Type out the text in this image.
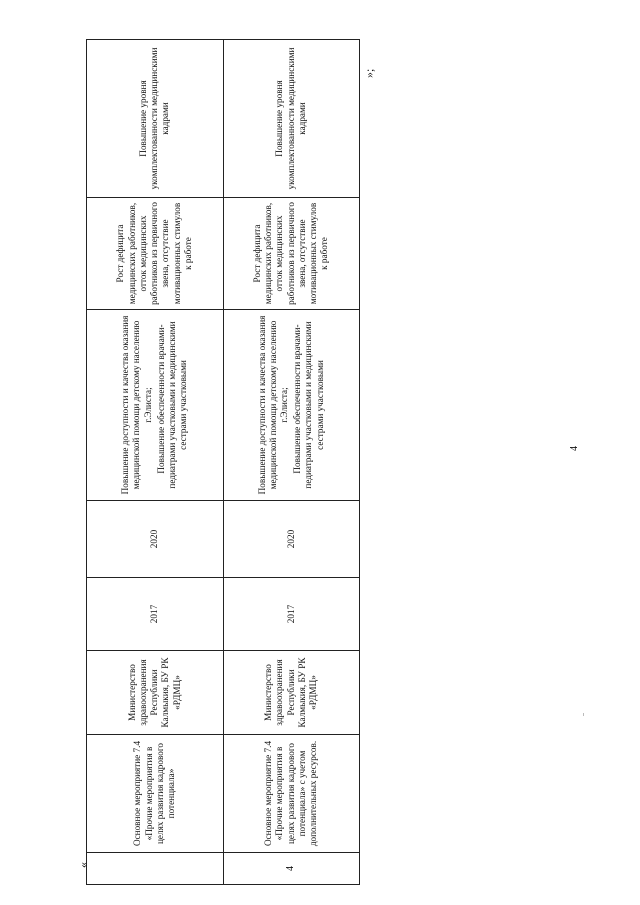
	Основное мероприятие 7.4 «Прочие мероприятия в целях развития кадрового потенциала»	Министерство здравоохранения Республики Калмыкия, БУ РК «РДМЦ»	2017	2020	Повышение доступности и качества оказания медицинской помощи детскому населению г.Элиста; Повышение обеспеченности врачами-педиатрами участковыми и медицинскими сестрами участковыми	Рост дефицита медицинских работников, отток медицинских работников из первичного звена, отсутствие мотивационных стимулов к работе	Повышение уровня укомплектованности медицинскими кадрами
4	Основное мероприятие 7.4 «Прочие мероприятия в целях развития кадрового потенциала» с учетом дополнительных ресурсов.	Министерство здравоохранения Республики Калмыкия, БУ РК «РДМЦ»	2017	2020	Повышение доступности и качества оказания медицинской помощи детскому населению г.Элиста; Повышение обеспеченности врачами-педиатрами участковыми и медицинскими сестрами участковыми	Рост дефицита медицинских работников, отток медицинских работников из первичного звена, отсутствие мотивационных стимулов к работе	Повышение уровня укомплектованности медицинскими кадрами
«
»;
4
